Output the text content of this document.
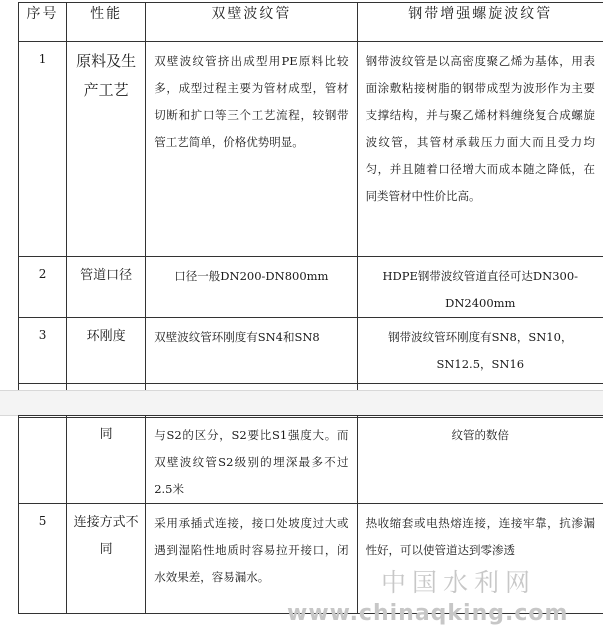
序号	性能	双壁波纹管	钢带增强螺旋波纹管
1	原料及生产工艺	双壁波纹管挤出成型用PE原料比较多，成型过程主要为管材成型，管材切断和扩口等三个工艺流程，较钢带管工艺简单，价格优势明显。	钢带波纹管是以高密度聚乙烯为基体，用表面涂敷粘接树脂的钢带成型为波形作为主要支撑结构，并与聚乙烯材料缠绕复合成螺旋波纹管，其管材承载压力面大而且受力均匀，并且随着口径增大而成本随之降低，在同类管材中性价比高。
2	管道口径	口径一般DN200-DN800mm	HDPE钢带波纹管道直径可达DN300-DN2400mm
3	环刚度	双壁波纹管环刚度有SN4和SN8	钢带波纹管环刚度有SN8，SN10，SN12.5，SN16

	同	与S2的区分，S2要比S1强度大。而双壁波纹管S2级别的埋深最多不过2.5米	纹管的数倍
5	连接方式不同	采用承插式连接，接口处坡度过大或遇到湿陷性地质时容易拉开接口，闭水效果差，容易漏水。	热收缩套或电热熔连接，连接牢靠，抗渗漏性好，可以使管道达到零渗透
中国水利网
www.chinaqking.com
